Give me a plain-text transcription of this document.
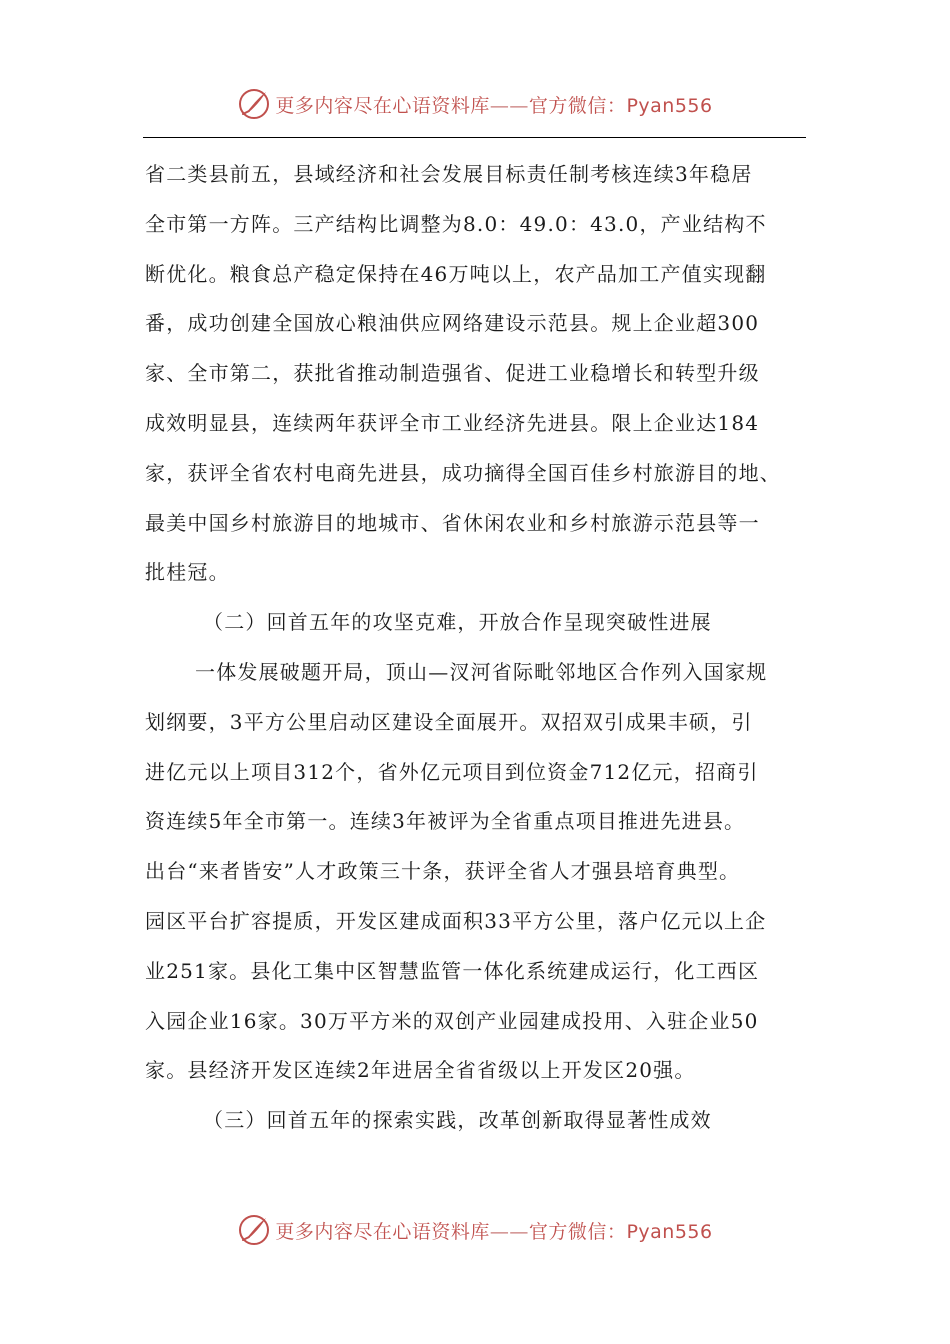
更多内容尽在心语资料库——官方微信：Pyan556
省二类县前五，县域经济和社会发展目标责任制考核连续3年稳居
全市第一方阵。三产结构比调整为8.0：49.0：43.0，产业结构不
断优化。粮食总产稳定保持在46万吨以上，农产品加工产值实现翻
番，成功创建全国放心粮油供应网络建设示范县。规上企业超300
家、全市第二，获批省推动制造强省、促进工业稳增长和转型升级
成效明显县，连续两年获评全市工业经济先进县。限上企业达184
家，获评全省农村电商先进县，成功摘得全国百佳乡村旅游目的地、
最美中国乡村旅游目的地城市、省休闲农业和乡村旅游示范县等一
批桂冠。
（二）回首五年的攻坚克难，开放合作呈现突破性进展
一体发展破题开局，顶山—汊河省际毗邻地区合作列入国家规
划纲要，3平方公里启动区建设全面展开。双招双引成果丰硕，引
进亿元以上项目312个，省外亿元项目到位资金712亿元，招商引
资连续5年全市第一。连续3年被评为全省重点项目推进先进县。
出台“来者皆安”人才政策三十条，获评全省人才强县培育典型。
园区平台扩容提质，开发区建成面积33平方公里，落户亿元以上企
业251家。县化工集中区智慧监管一体化系统建成运行，化工西区
入园企业16家。30万平方米的双创产业园建成投用、入驻企业50
家。县经济开发区连续2年进居全省省级以上开发区20强。
（三）回首五年的探索实践，改革创新取得显著性成效
更多内容尽在心语资料库——官方微信：Pyan556
